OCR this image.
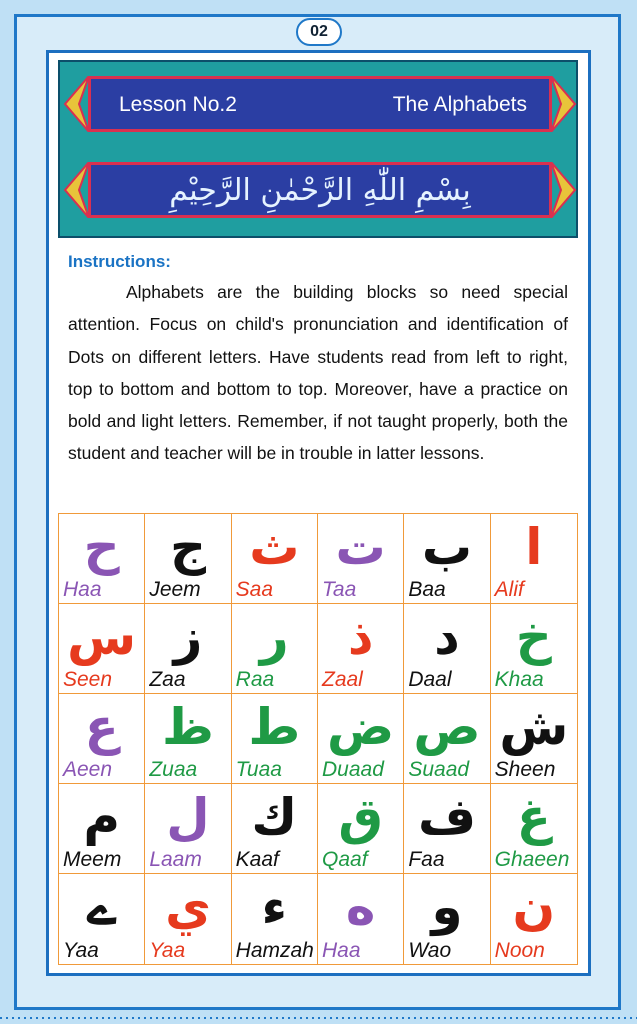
02
Lesson No.2	The Alphabets
بِسْمِ اللّٰهِ الرَّحْمٰنِ الرَّحِيْمِ
Instructions:
Alphabets are the building blocks so need special attention. Focus on child's pronunciation and identification of Dots on different letters. Have students read from left to right, top to bottom and bottom to top. Moreover, have a practice on bold and light letters. Remember, if not taught properly, both the student and teacher will be in trouble in latter lessons.
ح
Haa
ج
Jeem
ث
Saa
ت
Taa
ب
Baa
ا
Alif
س
Seen
ز
Zaa
ر
Raa
ذ
Zaal
د
Daal
خ
Khaa
ع
Aeen
ظ
Zuaa
ط
Tuaa
ض
Duaad
ص
Suaad
ش
Sheen
م
Meem
ل
Laam
ك
Kaaf
ق
Qaaf
ف
Faa
غ
Ghaeen
ے
Yaa
ي
Yaa
ء
Hamzah
ه
Haa
و
Wao
ن
Noon
